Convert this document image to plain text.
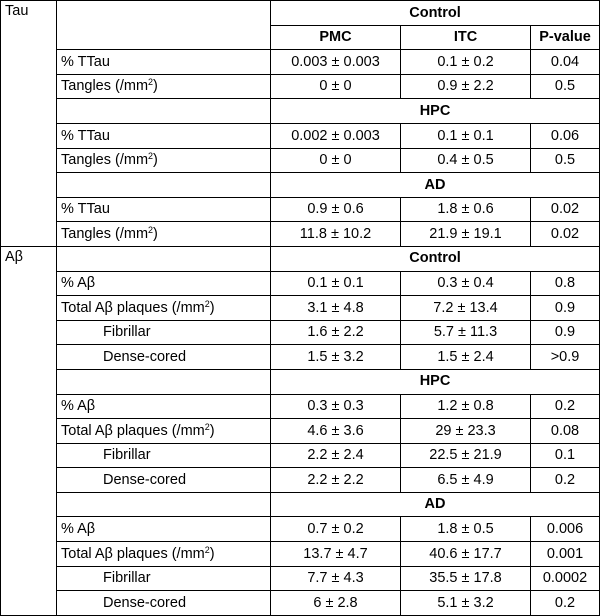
Tau		Control		
		PMC	ITC	P-value
	% TTau	0.003 ± 0.003	0.1 ± 0.2	0.04
	Tangles $(/mm^2)$	0 ± 0	0.9 ± 2.2	0.5
		HPC		
	% TTau	0.002 ± 0.003	0.1 ± 0.1	0.06
	Tangles $(/mm^2)$	0 ± 0	0.4 ± 0.5	0.5
		AD		
	% TTau	0.9 ± 0.6	1.8 ± 0.6	0.02
	Tangles $(/mm^2)$	11.8 ± 10.2	21.9 ± 19.1	0.02
Aβ		Control		
	% Aβ	0.1 ± 0.1	0.3 ± 0.4	0.8
	Total Aβ plaques $(/mm^2)$	3.1 ± 4.8	7.2 ± 13.4	0.9
	Fibrillar	1.6 ± 2.2	5.7 ± 11.3	0.9
	Dense-cored	1.5 ± 3.2	1.5 ± 2.4	>0.9
		HPC		
	% Aβ	0.3 ± 0.3	1.2 ± 0.8	0.2
	Total Aβ plaques $(/mm^2)$	4.6 ± 3.6	29 ± 23.3	0.08
	Fibrillar	2.2 ± 2.4	22.5 ± 21.9	0.1
	Dense-cored	2.2 ± 2.2	6.5 ± 4.9	0.2
		AD		
	% Aβ	0.7 ± 0.2	1.8 ± 0.5	0.006
	Total Aβ plaques $(/mm^2)$	13.7 ± 4.7	40.6 ± 17.7	0.001
	Fibrillar	7.7 ± 4.3	35.5 ± 17.8	0.0002
	Dense-cored	6 ± 2.8	5.1 ± 3.2	0.2
